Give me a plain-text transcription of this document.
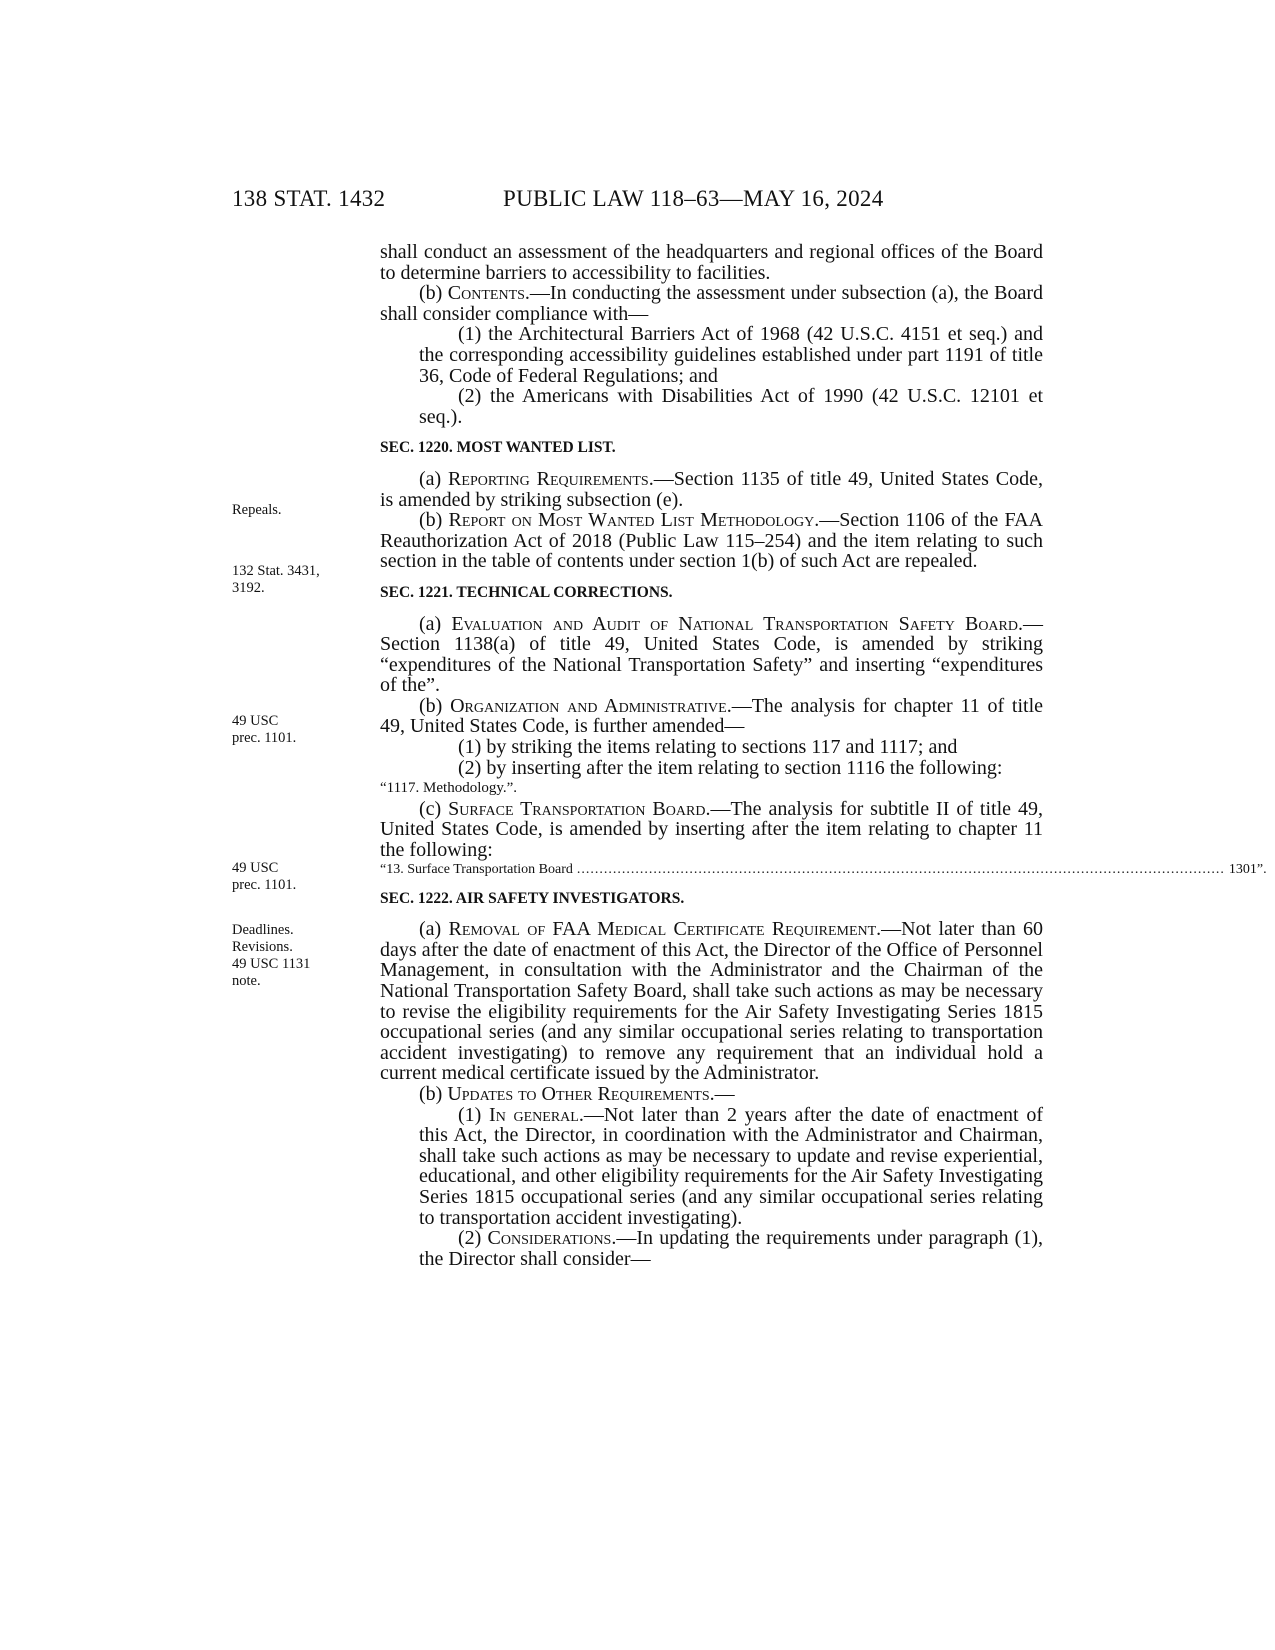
138 STAT. 1432	PUBLIC LAW 118–63—MAY 16, 2024
Repeals.
132 Stat. 3431,
3192.
49 USC
prec. 1101.
49 USC
prec. 1101.
Deadlines.
Revisions.
49 USC 1131
note.

shall conduct an assessment of the headquarters and regional offices of the Board to determine barriers to accessibility to facilities.

(b) Contents.—In conducting the assessment under subsection (a), the Board shall consider compliance with—

(1) the Architectural Barriers Act of 1968 (42 U.S.C. 4151 et seq.) and the corresponding accessibility guidelines established under part 1191 of title 36, Code of Federal Regulations; and

(2) the Americans with Disabilities Act of 1990 (42 U.S.C. 12101 et seq.).

SEC. 1220. MOST WANTED LIST.

(a) Reporting Requirements.—Section 1135 of title 49, United States Code, is amended by striking subsection (e).

(b) Report on Most Wanted List Methodology.—Section 1106 of the FAA Reauthorization Act of 2018 (Public Law 115–254) and the item relating to such section in the table of contents under section 1(b) of such Act are repealed.

SEC. 1221. TECHNICAL CORRECTIONS.

(a) Evaluation and Audit of National Transportation Safety Board.—Section 1138(a) of title 49, United States Code, is amended by striking “expenditures of the National Transportation Safety” and inserting “expenditures of the”.

(b) Organization and Administrative.—The analysis for chapter 11 of title 49, United States Code, is further amended—

(1) by striking the items relating to sections 117 and 1117; and

(2) by inserting after the item relating to section 1116 the following:

“1117. Methodology.”.

(c) Surface Transportation Board.—The analysis for subtitle II of title 49, United States Code, is amended by inserting after the item relating to chapter 11 the following:

“13. Surface Transportation Board ................................................................................................................................................ 1301”.

SEC. 1222. AIR SAFETY INVESTIGATORS.

(a) Removal of FAA Medical Certificate Requirement.—Not later than 60 days after the date of enactment of this Act, the Director of the Office of Personnel Management, in consultation with the Administrator and the Chairman of the National Transportation Safety Board, shall take such actions as may be necessary to revise the eligibility requirements for the Air Safety Investigating Series 1815 occupational series (and any similar occupational series relating to transportation accident investigating) to remove any requirement that an individual hold a current medical certificate issued by the Administrator.

(b) Updates to Other Requirements.—

(1) In general.—Not later than 2 years after the date of enactment of this Act, the Director, in coordination with the Administrator and Chairman, shall take such actions as may be necessary to update and revise experiential, educational, and other eligibility requirements for the Air Safety Investigating Series 1815 occupational series (and any similar occupational series relating to transportation accident investigating).

(2) Considerations.—In updating the requirements under paragraph (1), the Director shall consider—
